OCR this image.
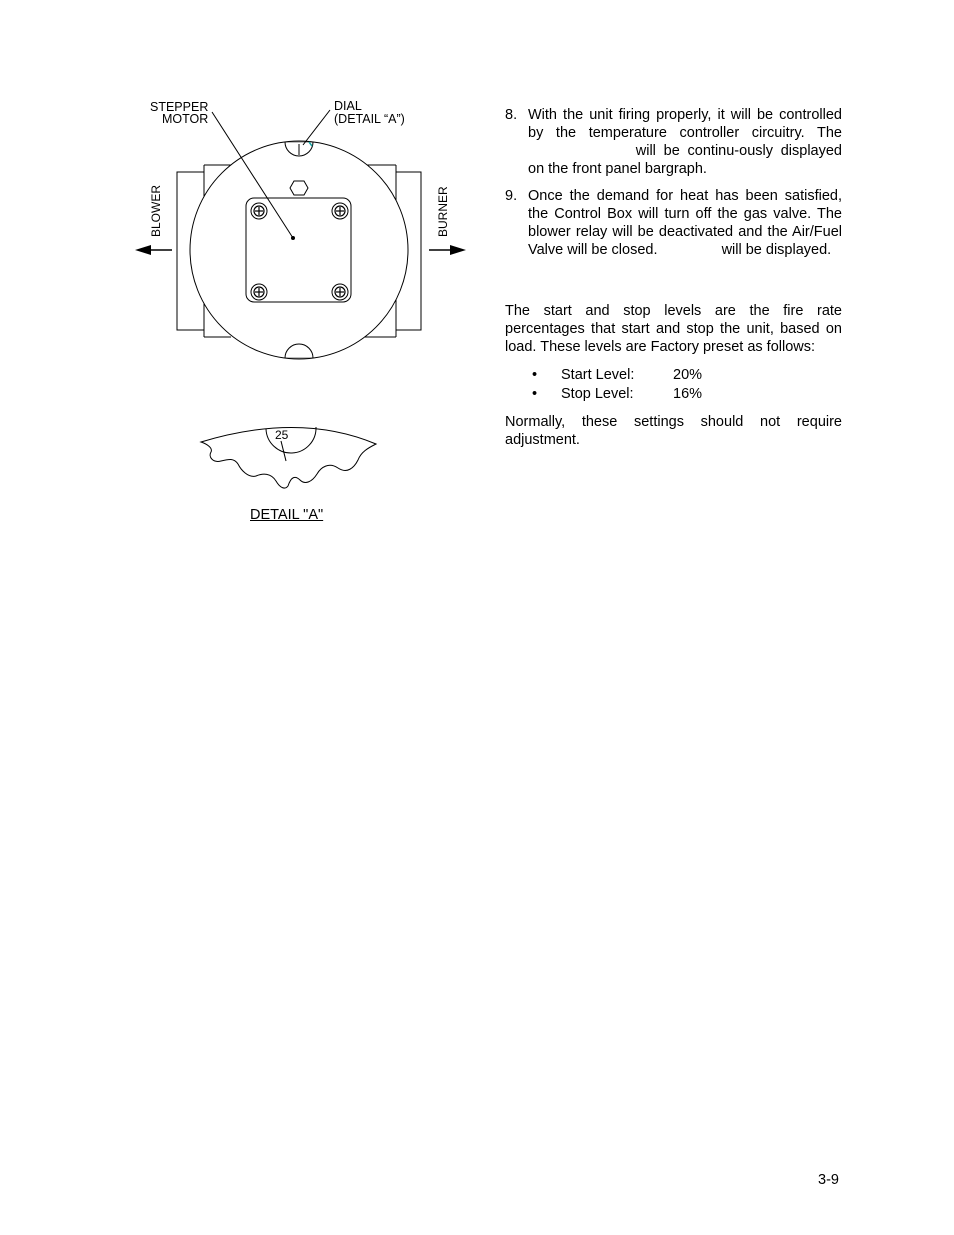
STEPPER
MOTOR
DIAL
(DETAIL “A”)
BLOWER	BURNER
25
DETAIL "A"
8. With the unit firing properly, it will be controlled by the temperature controller circuitry. The  will be continu-ously displayed on the front panel bargraph.
9. Once the demand for heat has been satisfied, the Control Box will turn off the gas valve. The blower relay will be deactivated and the Air/Fuel Valve will be closed.	will be displayed.

The start and stop levels are the fire rate percentages that start and stop the unit, based on load. These levels are Factory preset as follows:

• Start Level:	20%
• Stop Level:	16%

Normally, these settings should not require adjustment.

3-9
